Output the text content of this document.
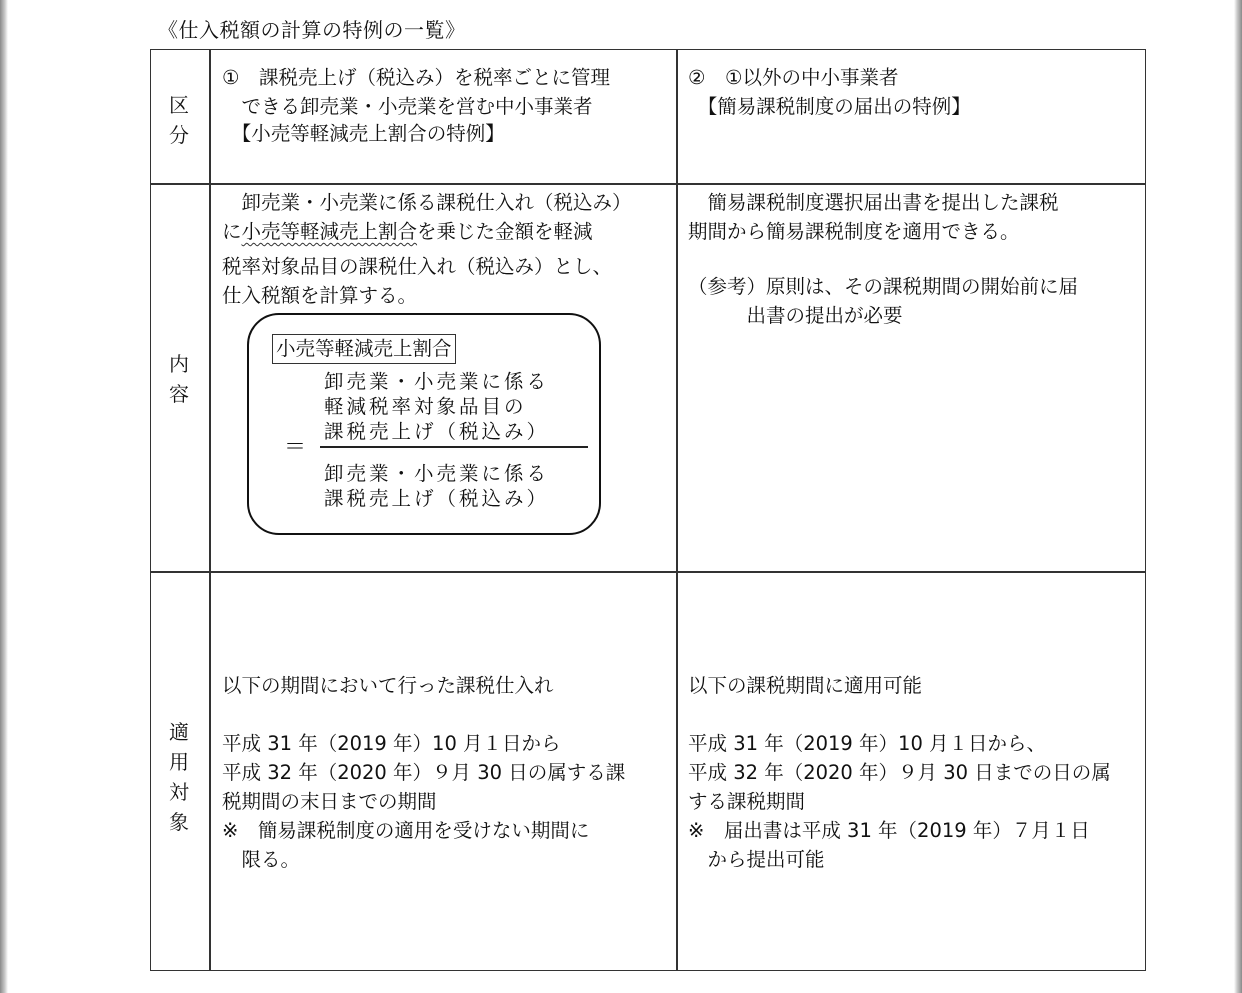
《仕入税額の計算の特例の一覧》
区
分
①　課税売上げ（税込み）を税率ごとに管理
　できる卸売業・小売業を営む中小事業者
　【小売等軽減売上割合の特例】
②　①以外の中小事業者
　【簡易課税制度の届出の特例】
内
容
　卸売業・小売業に係る課税仕入れ（税込み）
に小売等軽減売上割合を乗じた金額を軽減
税率対象品目の課税仕入れ（税込み）とし、
仕入税額を計算する。
小売等軽減売上割合
＝
卸売業・小売業に係る
軽減税率対象品目の
課税売上げ（税込み）
卸売業・小売業に係る
課税売上げ（税込み）
　簡易課税制度選択届出書を提出した課税
期間から簡易課税制度を適用できる。
（参考）原則は、その課税期間の開始前に届
　　　出書の提出が必要
適
用
対
象
以下の期間において行った課税仕入れ
平成 31 年（2019 年）10 月１日から
平成 32 年（2020 年）９月 30 日の属する課
税期間の末日までの期間
※　簡易課税制度の適用を受けない期間に
　限る。
以下の課税期間に適用可能
平成 31 年（2019 年）10 月１日から、
平成 32 年（2020 年）９月 30 日までの日の属
する課税期間
※　届出書は平成 31 年（2019 年）７月１日
　から提出可能
